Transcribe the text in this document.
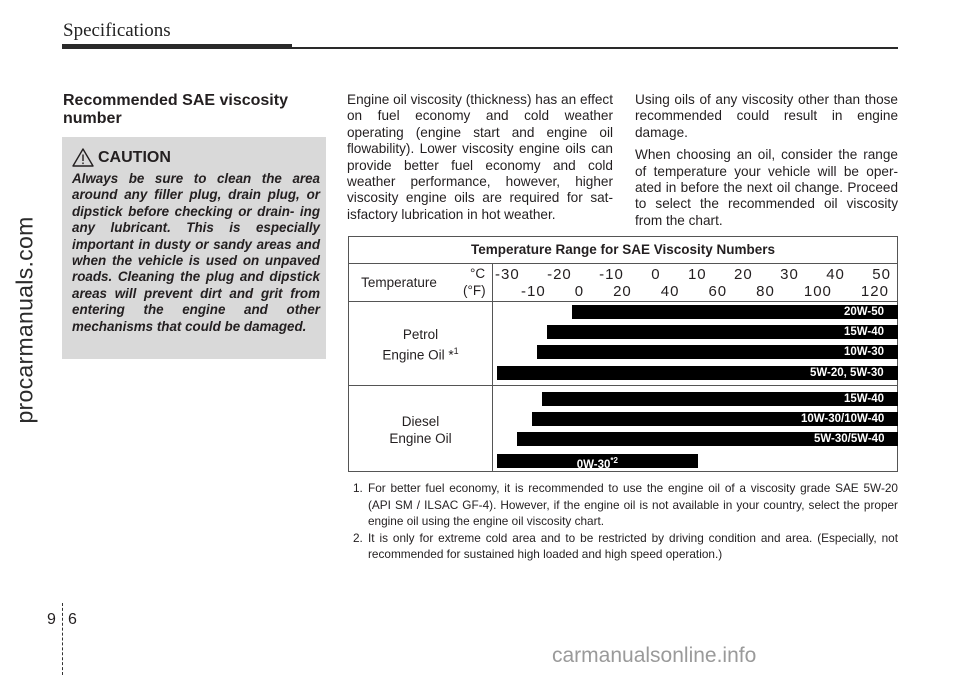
Specifications
procarmanuals.com
Recommended SAE viscosity number
CAUTION
Always be sure to clean the area around any filler plug, drain plug, or dipstick before checking or drain- ing any lubricant. This is especially important in dusty or sandy areas and when the vehicle is used on unpaved roads. Cleaning the plug and dipstick areas will prevent dirt and grit from entering the engine and other mechanisms that could be damaged.
Engine oil viscosity (thickness) has an effect on fuel economy and cold weather operating (engine start and engine oil flowability). Lower viscosity engine oils can provide better fuel economy and cold weather performance, however, higher viscosity engine oils are required for sat- isfactory lubrication in hot weather.

Using oils of any viscosity other than those recommended could result in engine damage.

When choosing an oil, consider the range of temperature your vehicle will be oper- ated in before the next oil change. Proceed to select the recommended oil viscosity from the chart.

Temperature Range for SAE Viscosity Numbers
Temperature
°C
(°F)
-30 -20 -10 0 10 20 30 40 50
-10 0 20 40 60 80 100 120
Petrol
Engine Oil *$^1$
Diesel
Engine Oil
20W-50
15W-40
10W-30
5W-20, 5W-30
15W-40
10W-30/10W-40
5W-30/5W-40
0W-30$^{*2}$
1. For better fuel economy, it is recommended to use the engine oil of a viscosity grade SAE 5W-20 (API SM / ILSAC GF-4). However, if the engine oil is not available in your country, select the proper engine oil using the engine oil viscosity chart.
2. It is only for extreme cold area and to be restricted by driving condition and area. (Especially, not recommended for sustained high loaded and high speed operation.)
9 6
carmanualsonline.info
